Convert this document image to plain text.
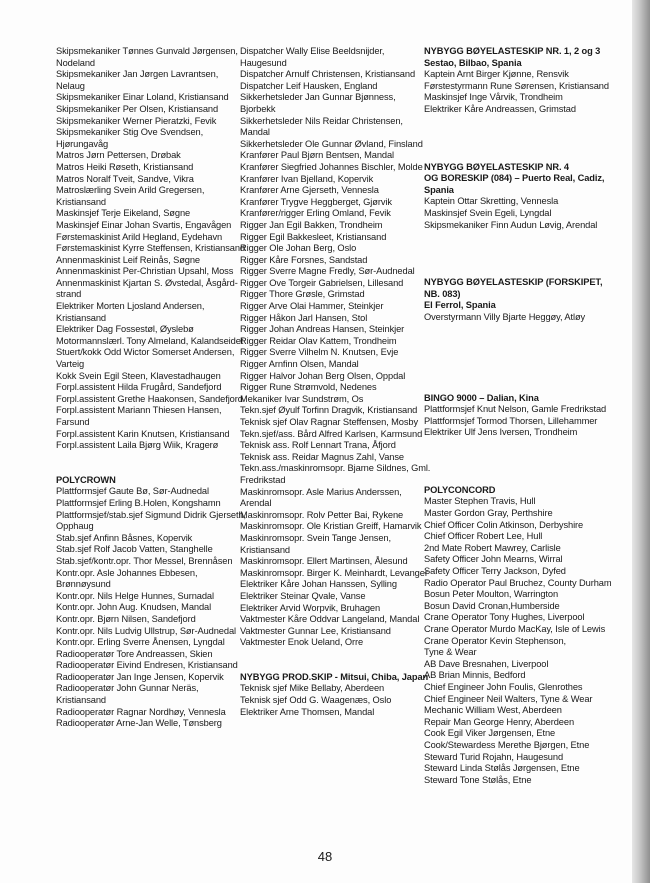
Skipsmekaniker Tønnes Gunvald Jørgensen,
Nodeland
Skipsmekaniker Jan Jørgen Lavrantsen,
Nelaug
Skipsmekaniker Einar Loland, Kristiansand
Skipsmekaniker Per Olsen, Kristiansand
Skipsmekaniker Werner Pieratzki, Fevik
Skipsmekaniker Stig Ove Svendsen,
Hjørungavåg
Matros Jørn Pettersen, Drøbak
Matros Heiki Røseth, Kristiansand
Matros Noralf Tveit, Sandve, Vikra
Matroslærling Svein Arild Gregersen,
Kristiansand
Maskinsjef Terje Eikeland, Søgne
Maskinsjef Einar Johan Svartis, Engavågen
Førstemaskinist Arild Hegland, Eydehavn
Førstemaskinist Kyrre Steffensen, Kristiansand
Annenmaskinist Leif Reinås, Søgne
Annenmaskinist Per-Christian Upsahl, Moss
Annenmaskinist Kjartan S. Øvstedal, Åsgård-
strand
Elektriker Morten Ljosland Andersen,
Kristiansand
Elektriker Dag Fossestøl, Øyslebø
Motormannslærl. Tony Almeland, Kalandseidet
Stuert/kokk Odd Wictor Somerset Andersen,
Varteig
Kokk Svein Egil Steen, Klavestadhaugen
Forpl.assistent Hilda Frugård, Sandefjord
Forpl.assistent Grethe Haakonsen, Sandefjord
Forpl.assistent Mariann Thiesen Hansen,
Farsund
Forpl.assistent Karin Knutsen, Kristiansand
Forpl.assistent Laila Bjørg Wiik, Kragerø
POLYCROWN
Plattformsjef Gaute Bø, Sør-Audnedal
Plattformsjef Erling B.Holen, Kongshamn
Plattformsjef/stab.sjef Sigmund Didrik Gjerseth,
Opphaug
Stab.sjef Anfinn Båsnes, Kopervik
Stab.sjef Rolf Jacob Vatten, Stanghelle
Stab.sjef/kontr.opr. Thor Messel, Brennåsen
Kontr.opr. Asle Johannes Ebbesen,
Brønnøysund
Kontr.opr. Nils Helge Hunnes, Surnadal
Kontr.opr. John Aug. Knudsen, Mandal
Kontr.opr. Bjørn Nilsen, Sandefjord
Kontr.opr. Nils Ludvig Ullstrup, Sør-Audnedal
Kontr.opr. Erling Sverre Ånensen, Lyngdal
Radiooperatør Tore Andreassen, Skien
Radiooperatør Eivind Endresen, Kristiansand
Radiooperatør Jan Inge Jensen, Kopervik
Radiooperatør John Gunnar Neräs,
Kristiansand
Radiooperatør Ragnar Nordhøy, Vennesla
Radiooperatør Arne-Jan Welle, Tønsberg
Dispatcher Wally Elise Beeldsnijder,
Haugesund
Dispatcher Arnulf Christensen, Kristiansand
Dispatcher Leif Hausken, England
Sikkerhetsleder Jan Gunnar Bjønness,
Bjorbekk
Sikkerhetsleder Nils Reidar Christensen,
Mandal
Sikkerhetsleder Ole Gunnar Øvland, Finsland
Kranfører Paul Bjørn Bentsen, Mandal
Kranfører Siegfried Johannes Bischler, Molde
Kranfører Ivan Bjelland, Kopervik
Kranfører Arne Gjerseth, Vennesla
Kranfører Trygve Heggberget, Gjørvik
Kranfører/rigger Erling Omland, Fevik
Rigger Jan Egil Bakken, Trondheim
Rigger Egil Bakkesleet, Kristiansand
Rigger Ole Johan Berg, Oslo
Rigger Kåre Forsnes, Sandstad
Rigger Sverre Magne Fredly, Sør-Audnedal
Rigger Ove Torgeir Gabrielsen, Lillesand
Rigger Thore Grøsle, Grimstad
Rigger Arve Olai Hammer, Steinkjer
Rigger Håkon Jarl Hansen, Stol
Rigger Johan Andreas Hansen, Steinkjer
Rigger Reidar Olav Kattem, Trondheim
Rigger Sverre Vilhelm N. Knutsen, Evje
Rigger Arnfinn Olsen, Mandal
Rigger Halvor Johan Berg Olsen, Oppdal
Rigger Rune Strømvold, Nedenes
Mekaniker Ivar Sundstrøm, Os
Tekn.sjef Øyulf Torfinn Dragvik, Kristiansand
Teknisk sjef Olav Ragnar Steffensen, Mosby
Tekn.sjef/ass. Bård Alfred Karlsen, Karmsund
Teknisk ass. Rolf Lennart Trana, Åfjord
Teknisk ass. Reidar Magnus Zahl, Vanse
Tekn.ass./maskinromsopr. Bjarne Sildnes, Gml.
Fredrikstad
Maskinromsopr. Asle Marius Anderssen,
Arendal
Maskinromsopr. Rolv Petter Bai, Rykene
Maskinromsopr. Ole Kristian Greiff, Hamarvik
Maskinromsopr. Svein Tange Jensen,
Kristiansand
Maskinromsopr. Ellert Martinsen, Ålesund
Maskinromsopr. Birger K. Meinhardt, Levanger
Elektriker Kåre Johan Hanssen, Sylling
Elektriker Steinar Qvale, Vanse
Elektriker Arvid Worpvik, Bruhagen
Vaktmester Kåre Oddvar Langeland, Mandal
Vaktmester Gunnar Lee, Kristiansand
Vaktmester Enok Ueland, Orre
NYBYGG PROD.SKIP - Mitsui, Chiba, Japan
Teknisk sjef Mike Bellaby, Aberdeen
Teknisk sjef Odd G. Waagenæs, Oslo
Elektriker Arne Thomsen, Mandal
NYBYGG BØYELASTESKIP NR. 1, 2 og 3
Sestao, Bilbao, Spania
Kaptein Arnt Birger Kjønne, Rensvik
Førstestyrmann Rune Sørensen, Kristiansand
Maskinsjef Inge Vårvik, Trondheim
Elektriker Kåre Andreassen, Grimstad
NYBYGG BØYELASTESKIP NR. 4
OG BORESKIP (084) – Puerto Real, Cadiz,
Spania
Kaptein Ottar Skretting, Vennesla
Maskinsjef Svein Egeli, Lyngdal
Skipsmekaniker Finn Audun Løvig, Arendal
NYBYGG BØYELASTESKIP (FORSKIPET,
NB. 083)
El Ferrol, Spania
Overstyrmann Villy Bjarte Heggøy, Atløy
BINGO 9000 – Dalian, Kina
Plattformsjef Knut Nelson, Gamle Fredrikstad
Plattformsjef Tormod Thorsen, Lillehammer
Elektriker Ulf Jens Iversen, Trondheim
POLYCONCORD
Master Stephen Travis, Hull
Master Gordon Gray, Perthshire
Chief Officer Colin Atkinson, Derbyshire
Chief Officer Robert Lee, Hull
2nd Mate Robert Mawrey, Carlisle
Safety Officer John Mearns, Wirral
Safety Officer Terry Jackson, Dyfed
Radio Operator Paul Bruchez, County Durham
Bosun Peter Moulton, Warrington
Bosun David Cronan,Humberside
Crane Operator Tony Hughes, Liverpool
Crane Operator Murdo MacKay, Isle of Lewis
Crane Operator Kevin Stephenson,
Tyne & Wear
AB Dave Bresnahen, Liverpool
AB Brian Minnis, Bedford
Chief Engineer John Foulis, Glenrothes
Chief Engineer Neil Walters, Tyne & Wear
Mechanic William West, Aberdeen
Repair Man George Henry, Aberdeen
Cook Egil Viker Jørgensen, Etne
Cook/Stewardess Merethe Bjørgen, Etne
Steward Turid Rojahn, Haugesund
Steward Linda Stølås Jørgensen, Etne
Steward Tone Stølås, Etne
48
